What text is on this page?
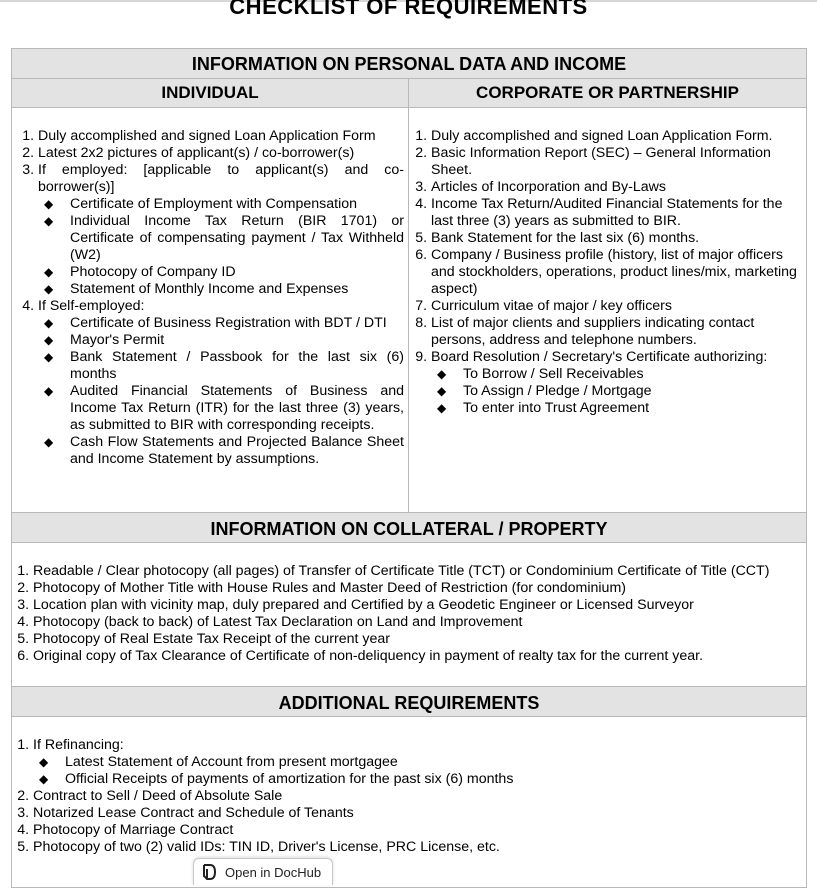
CHECKLIST OF REQUIREMENTS
INFORMATION ON PERSONAL DATA AND INCOME
INDIVIDUAL	CORPORATE OR PARTNERSHIP
1. Duly accomplished and signed Loan Application Form
2. Latest 2x2 pictures of applicant(s) / co-borrower(s)
3. If employed: [applicable to applicant(s) and co-borrower(s)]
◆ Certificate of Employment with Compensation
◆ Individual Income Tax Return (BIR 1701) or Certificate of compensating payment / Tax Withheld (W2)
◆ Photocopy of Company ID
◆ Statement of Monthly Income and Expenses
4. If Self-employed:
◆ Certificate of Business Registration with BDT / DTI
◆ Mayor's Permit
◆ Bank Statement / Passbook for the last six (6) months
◆ Audited Financial Statements of Business and Income Tax Return (ITR) for the last three (3) years, as submitted to BIR with corresponding receipts.
◆ Cash Flow Statements and Projected Balance Sheet and Income Statement by assumptions.
1. Duly accomplished and signed Loan Application Form.
2. Basic Information Report (SEC) – General Information Sheet.
3. Articles of Incorporation and By-Laws
4. Income Tax Return/Audited Financial Statements for the last three (3) years as submitted to BIR.
5. Bank Statement for the last six (6) months.
6. Company / Business profile (history, list of major officers and stockholders, operations, product lines/mix, marketing aspect)
7. Curriculum vitae of major / key officers
8. List of major clients and suppliers indicating contact persons, address and telephone numbers.
9. Board Resolution / Secretary's Certificate authorizing:
◆ To Borrow / Sell Receivables
◆ To Assign / Pledge / Mortgage
◆ To enter into Trust Agreement
INFORMATION ON COLLATERAL / PROPERTY
1. Readable / Clear photocopy (all pages) of Transfer of Certificate Title (TCT) or Condominium Certificate of Title (CCT)
2. Photocopy of Mother Title with House Rules and Master Deed of Restriction (for condominium)
3. Location plan with vicinity map, duly prepared and Certified by a Geodetic Engineer or Licensed Surveyor
4. Photocopy (back to back) of Latest Tax Declaration on Land and Improvement
5. Photocopy of Real Estate Tax Receipt of the current year
6. Original copy of Tax Clearance of Certificate of non-deliquency in payment of realty tax for the current year.
ADDITIONAL REQUIREMENTS
1. If Refinancing:
◆ Latest Statement of Account from present mortgagee
◆ Official Receipts of payments of amortization for the past six (6) months
2. Contract to Sell / Deed of Absolute Sale
3. Notarized Lease Contract and Schedule of Tenants
4. Photocopy of Marriage Contract
5. Photocopy of two (2) valid IDs: TIN ID, Driver's License, PRC License, etc.
Open in DocHub
